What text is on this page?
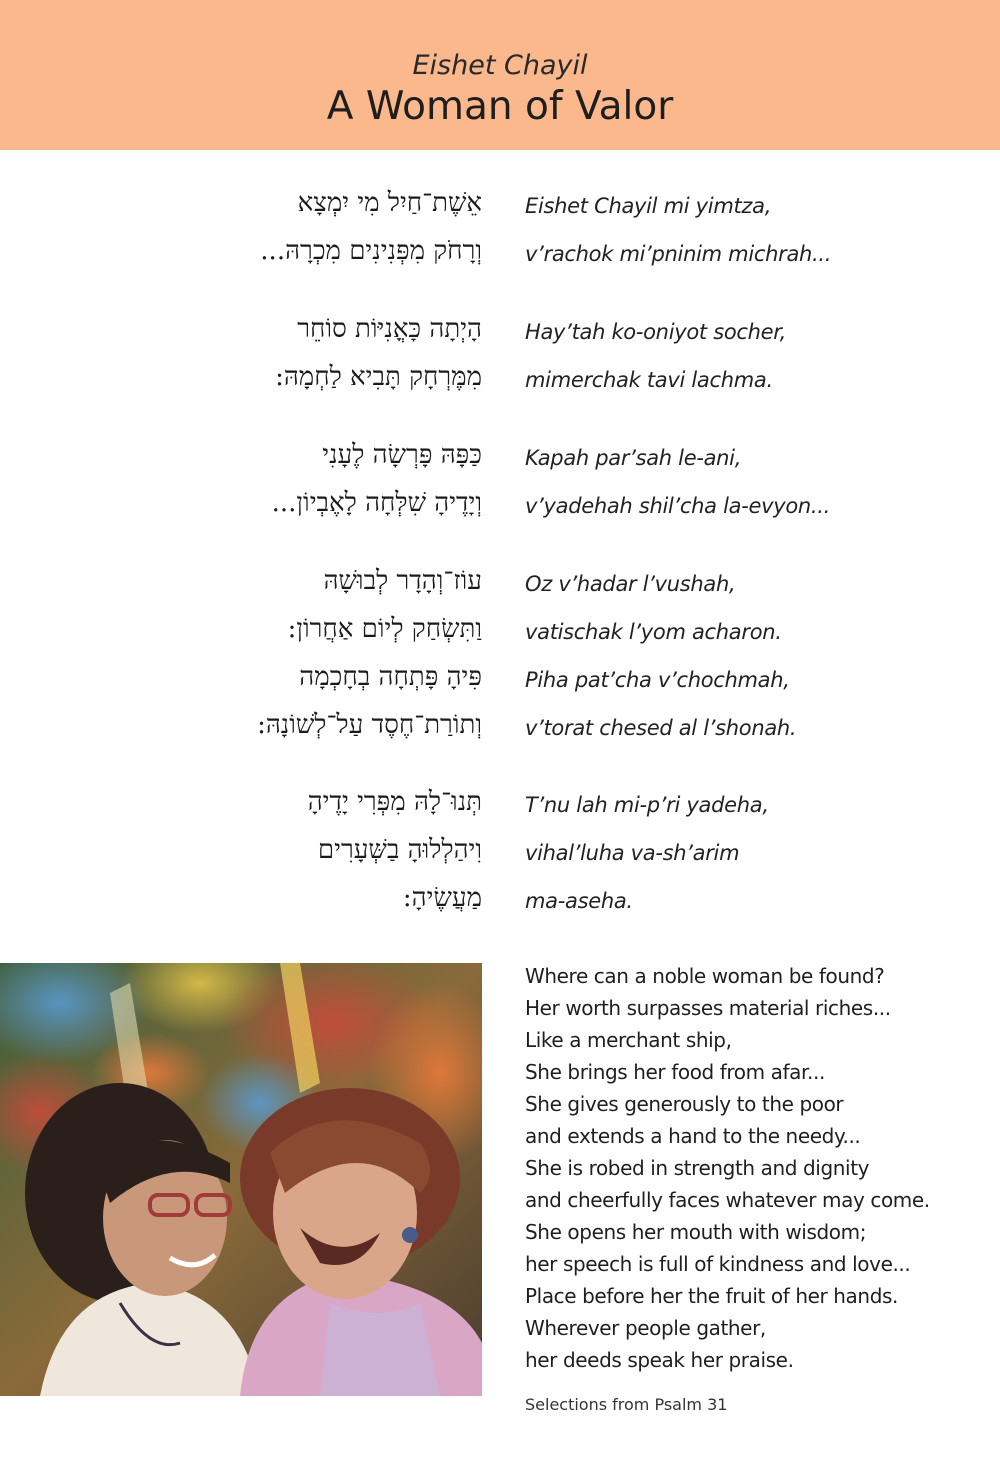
Eishet Chayil
A Woman of Valor
אֵשֶׁת־חַיִל מִי יִמְצָא Eishet Chayil mi yimtza,
וְרָחֹק מִפְּנִינִים מִכְרָהּ... v’rachok mi’pninim michrah...
הָיְתָה כָּאֳנִיּוֹת סוֹחֵר Hay’tah ko-oniyot socher,
מִמֶּרְחָק תָּבִיא לַחְמָהּ: mimerchak tavi lachma.
כַּפָּהּ פָּרְשָׂה לֶעָנִי Kapah par’sah le-ani,
וְיָדֶיהָ שִׁלְּחָה לָאֶבְיוֹן... v’yadehah shil’cha la-evyon...
עוֹז־וְהָדָר לְבוּשָׁהּ Oz v’hadar l’vushah,
וַתִּשְׂחַק לְיוֹם אַחֲרוֹן: vatischak l’yom acharon.
פִּיהָ פָּתְחָה בְחָכְמָה Piha pat’cha v’chochmah,
וְתוֹרַת־חֶסֶד עַל־לְשׁוֹנָהּ: v’torat chesed al l’shonah.
תְּנוּ־לָהּ מִפְּרִי יָדֶיהָ T’nu lah mi-p’ri yadeha,
וִיהַלְלוּהָ בַשְּׁעָרִים vihal’luha va-sh’arim
מַעֲשֶׂיהָ: ma-aseha.
Where can a noble woman be found?
Her worth surpasses material riches...
Like a merchant ship,
She brings her food from afar...
She gives generously to the poor
and extends a hand to the needy...
She is robed in strength and dignity
and cheerfully faces whatever may come.
She opens her mouth with wisdom;
her speech is full of kindness and love...
Place before her the fruit of her hands.
Wherever people gather,
her deeds speak her praise.
Selections from Psalm 31
